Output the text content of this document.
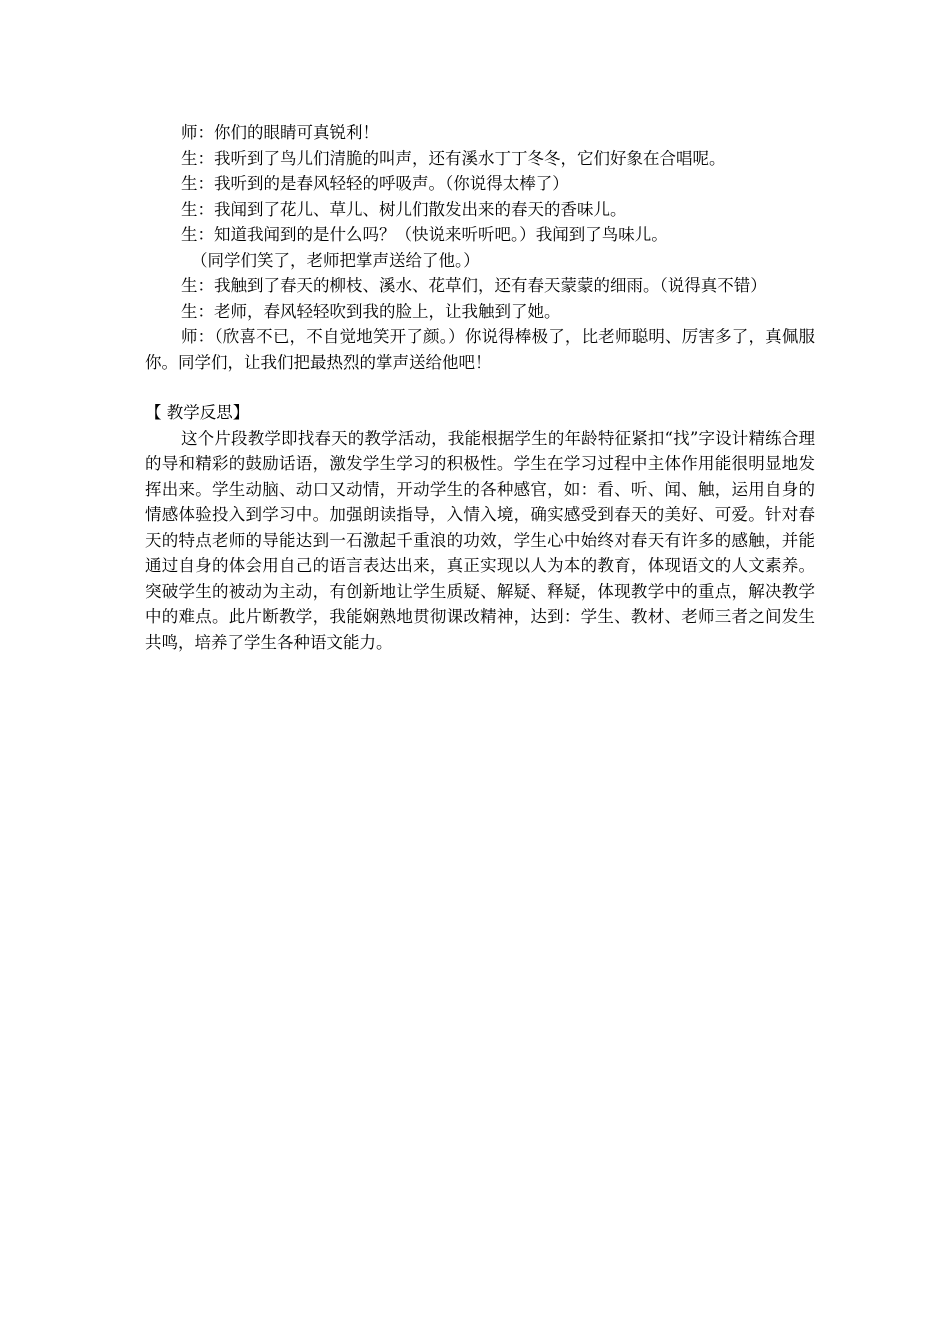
师：你们的眼睛可真锐利！

生：我听到了鸟儿们清脆的叫声，还有溪水丁丁冬冬，它们好象在合唱呢。

生：我听到的是春风轻轻的呼吸声。（你说得太棒了）

生：我闻到了花儿、草儿、树儿们散发出来的春天的香味儿。

生：知道我闻到的是什么吗？（快说来听听吧。）我闻到了鸟味儿。

（同学们笑了，老师把掌声送给了他。）

生：我触到了春天的柳枝、溪水、花草们，还有春天蒙蒙的细雨。（说得真不错）

生：老师，春风轻轻吹到我的脸上，让我触到了她。

师：（欣喜不已，不自觉地笑开了颜。）你说得棒极了，比老师聪明、厉害多了，真佩服你。同学们，让我们把最热烈的掌声送给他吧！

【 教学反思】

这个片段教学即找春天的教学活动，我能根据学生的年龄特征紧扣“找”字设计精练合理的导和精彩的鼓励话语，激发学生学习的积极性。学生在学习过程中主体作用能很明显地发挥出来。学生动脑、动口又动情，开动学生的各种感官，如：看、听、闻、触，运用自身的情感体验投入到学习中。加强朗读指导，入情入境，确实感受到春天的美好、可爱。针对春天的特点老师的导能达到一石激起千重浪的功效，学生心中始终对春天有许多的感触，并能通过自身的体会用自己的语言表达出来，真正实现以人为本的教育，体现语文的人文素养。突破学生的被动为主动，有创新地让学生质疑、解疑、释疑，体现教学中的重点，解决教学中的难点。此片断教学，我能娴熟地贯彻课改精神，达到：学生、教材、老师三者之间发生共鸣，培养了学生各种语文能力。
